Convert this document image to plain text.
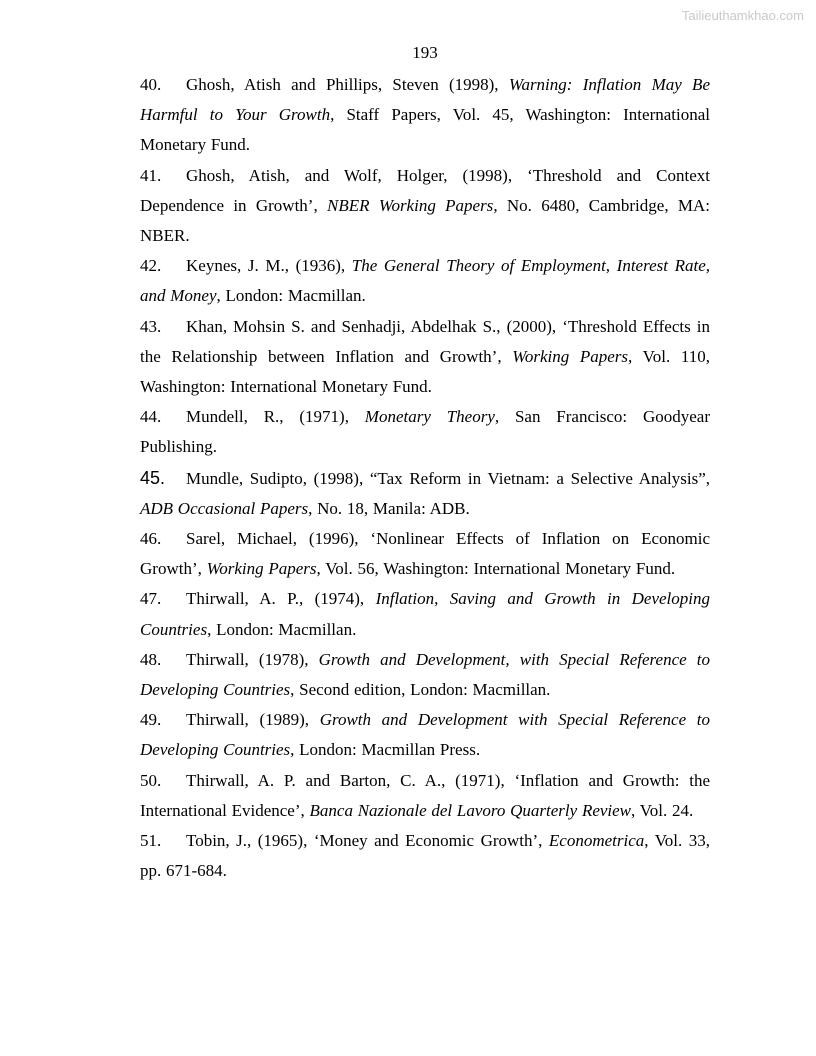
Tailieuthamkhao.com
193

40. Ghosh, Atish and Phillips, Steven (1998), Warning: Inflation May Be Harmful to Your Growth, Staff Papers, Vol. 45, Washington: International Monetary Fund.

41. Ghosh, Atish, and Wolf, Holger, (1998), ‘Threshold and Context Dependence in Growth’, NBER Working Papers, No. 6480, Cambridge, MA: NBER.

42. Keynes, J. M., (1936), The General Theory of Employment, Interest Rate, and Money, London: Macmillan.

43. Khan, Mohsin S. and Senhadji, Abdelhak S., (2000), ‘Threshold Effects in the Relationship between Inflation and Growth’, Working Papers, Vol. 110, Washington: International Monetary Fund.

44. Mundell, R., (1971), Monetary Theory, San Francisco: Goodyear Publishing.

45. Mundle, Sudipto, (1998), “Tax Reform in Vietnam: a Selective Analysis”, ADB Occasional Papers, No. 18, Manila: ADB.

46. Sarel, Michael, (1996), ‘Nonlinear Effects of Inflation on Economic Growth’, Working Papers, Vol. 56, Washington: International Monetary Fund.

47. Thirwall, A. P., (1974), Inflation, Saving and Growth in Developing Countries, London: Macmillan.

48. Thirwall, (1978), Growth and Development, with Special Reference to Developing Countries, Second edition, London: Macmillan.

49. Thirwall, (1989), Growth and Development with Special Reference to Developing Countries, London: Macmillan Press.

50. Thirwall, A. P. and Barton, C. A., (1971), ‘Inflation and Growth: the International Evidence’, Banca Nazionale del Lavoro Quarterly Review, Vol. 24.

51. Tobin, J., (1965), ‘Money and Economic Growth’, Econometrica, Vol. 33, pp. 671-684.
